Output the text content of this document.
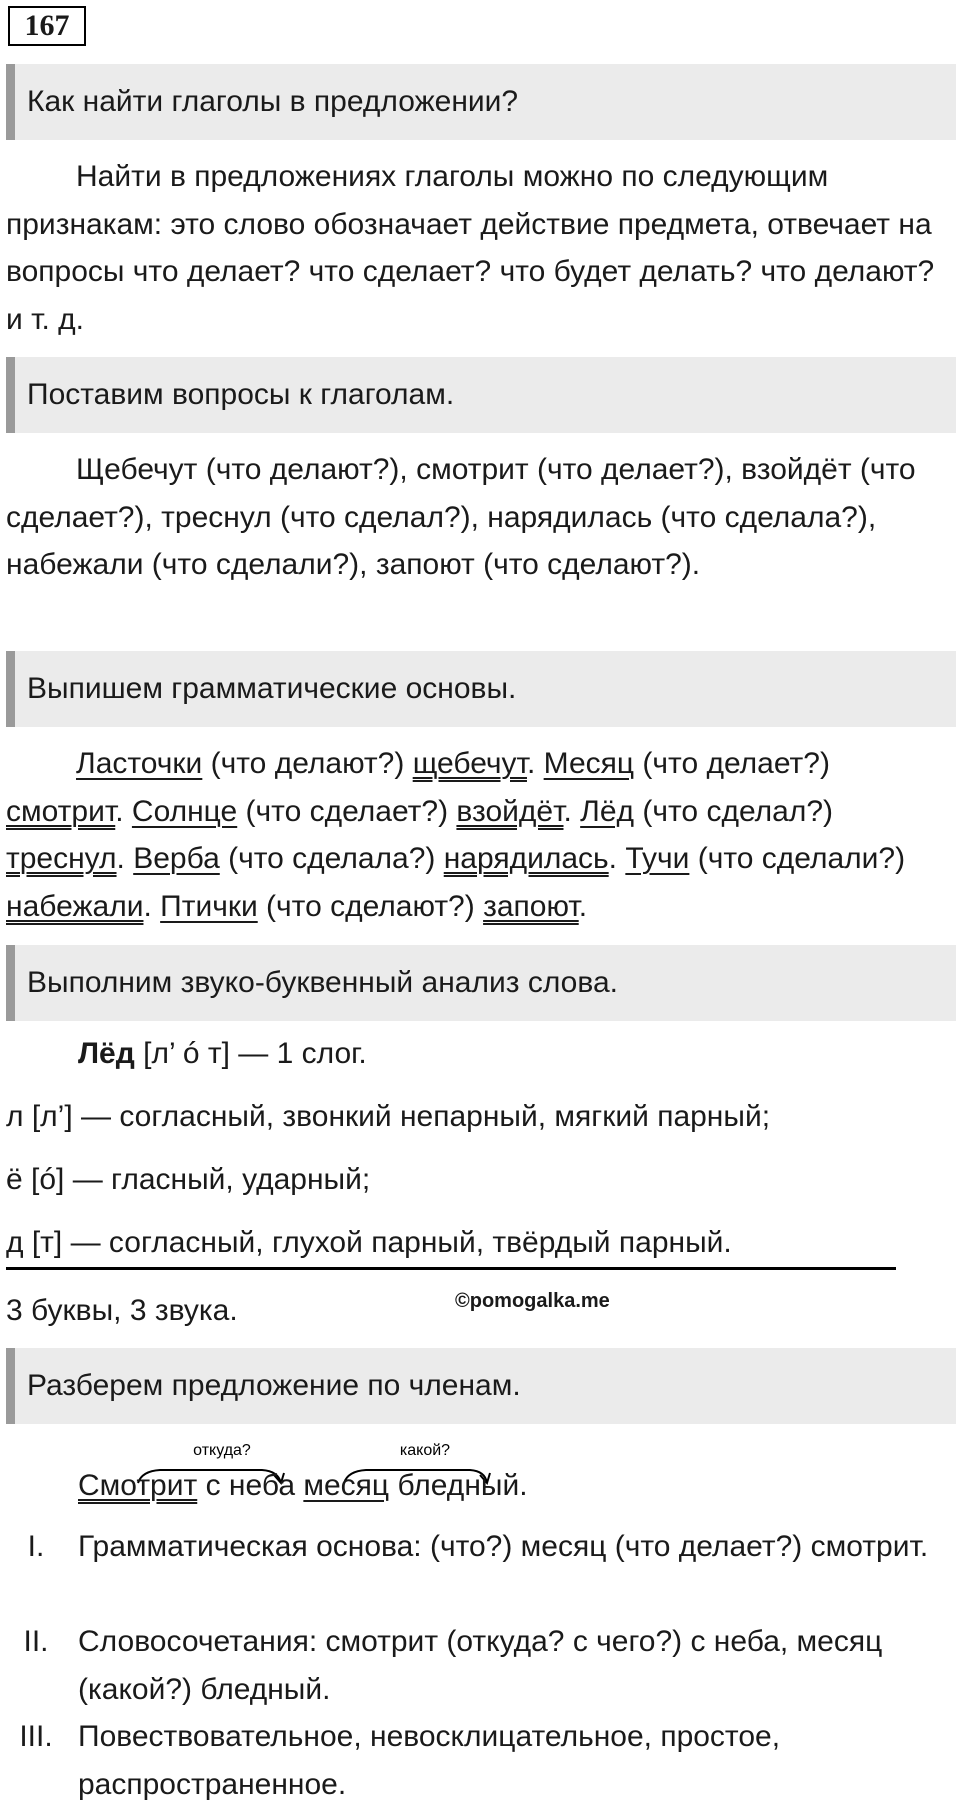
167
Как найти глаголы в предложении?
Найти в предложениях глаголы можно по следующим признакам: это слово обозначает действие предмета, отвечает на вопросы что делает? что сделает? что будет делать? что делают? и т. д.
Поставим вопросы к глаголам.
Щебечут (что делают?), смотрит (что делает?), взойдёт (что сделает?), треснул (что сделал?), нарядилась (что сделала?), набежали (что сделали?), запоют (что сделают?).
Выпишем грамматические основы.
Ласточки (что делают?) щебечут. Месяц (что делает?) смотрит. Солнце (что сделает?) взойдёт. Лёд (что сделал?) треснул. Верба (что сделала?) нарядилась. Тучи (что сделали?) набежали. Птички (что сделают?) запоют.
Выполним звуко-буквенный анализ слова.
Лёд [л’ ó т] — 1 слог.
л [л’] — согласный, звонкий непарный, мягкий парный;
ё [ó] — гласный, ударный;
д [т] — согласный, глухой парный, твёрдый парный.
3 буквы, 3 звука.	©pomogalka.me
Разберем предложение по членам.
откуда?	какой?
Смотрит с неба месяц бледный.
I.	Грамматическая основа: (что?) месяц (что делает?) смотрит.
II. Словосочетания: смотрит (откуда? с чего?) с неба, месяц (какой?) бледный.
III. Повествовательное, невосклицательное, простое, распространенное.
